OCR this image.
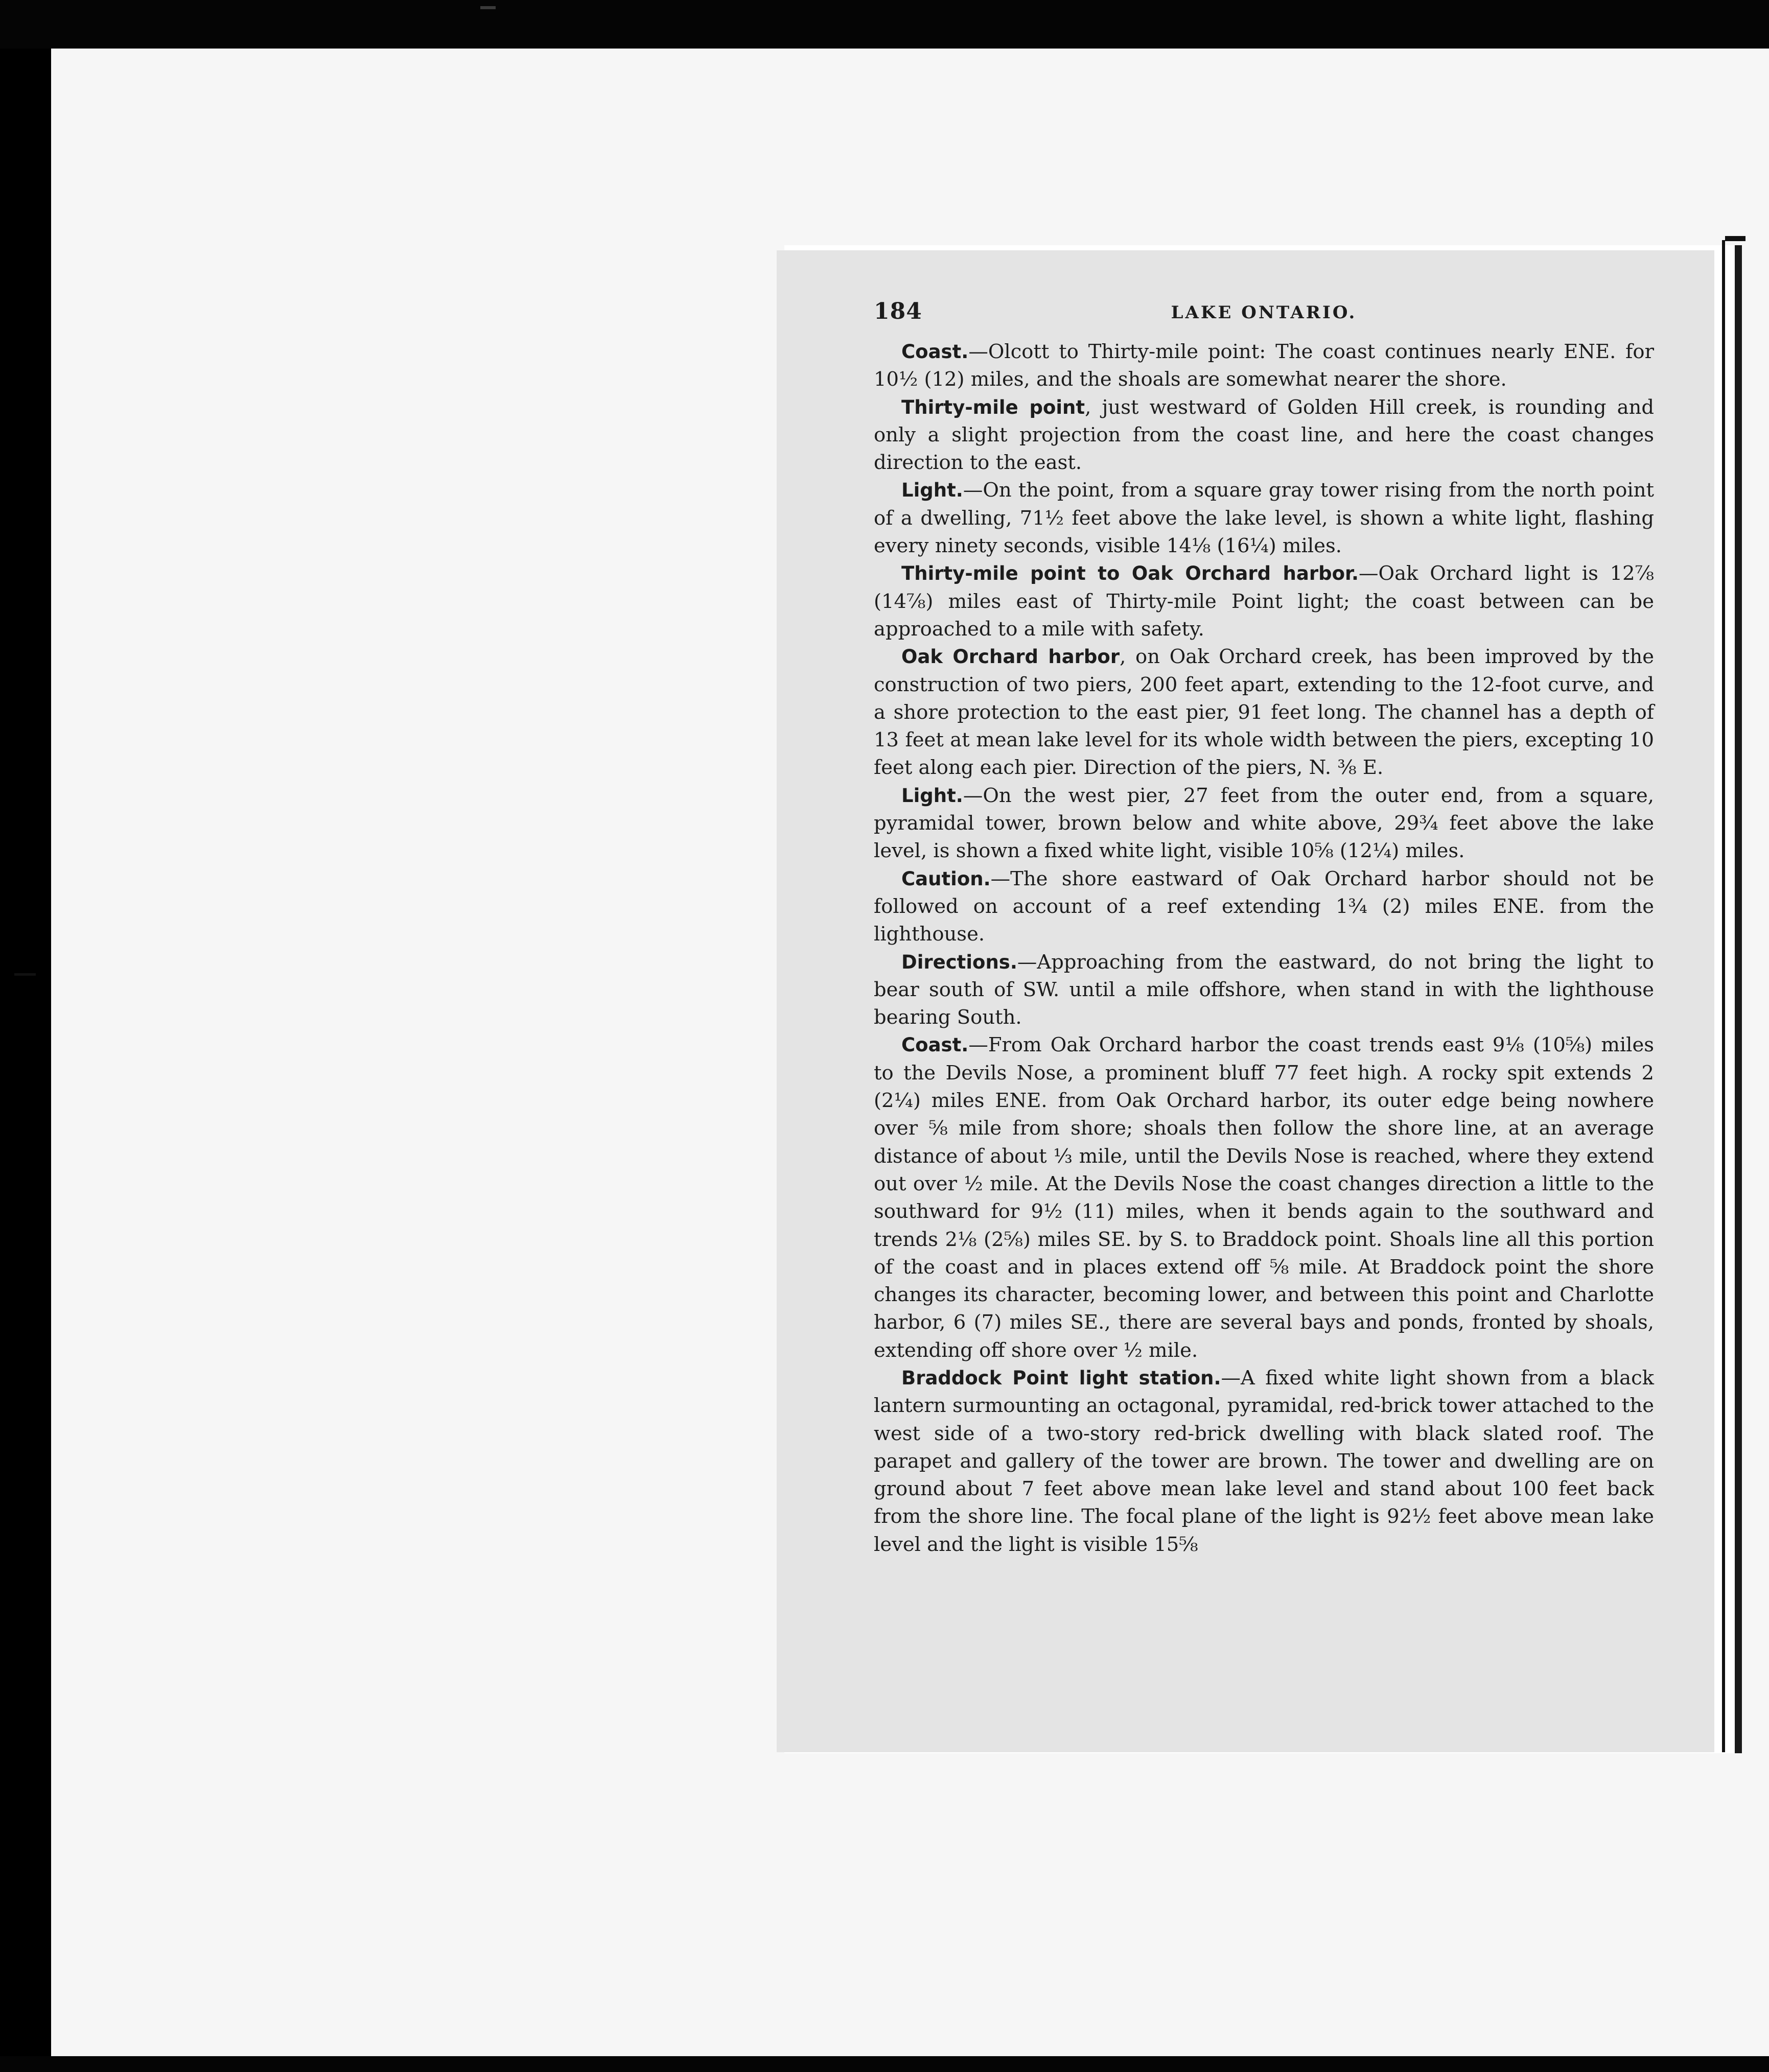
184	LAKE ONTARIO.

Coast.—Olcott to Thirty-mile point: The coast continues nearly ENE. for 10½ (12) miles, and the shoals are somewhat nearer the shore.

Thirty-mile point, just westward of Golden Hill creek, is rounding and only a slight projection from the coast line, and here the coast changes direction to the east.

Light.—On the point, from a square gray tower rising from the north point of a dwelling, 71½ feet above the lake level, is shown a white light, flashing every ninety seconds, visible 14⅛ (16¼) miles.

Thirty-mile point to Oak Orchard harbor.—Oak Orchard light is 12⅞ (14⅞) miles east of Thirty-mile Point light; the coast between can be approached to a mile with safety.

Oak Orchard harbor, on Oak Orchard creek, has been improved by the construction of two piers, 200 feet apart, extending to the 12-foot curve, and a shore protection to the east pier, 91 feet long. The channel has a depth of 13 feet at mean lake level for its whole width between the piers, excepting 10 feet along each pier. Direction of the piers, N. ⅜ E.

Light.—On the west pier, 27 feet from the outer end, from a square, pyramidal tower, brown below and white above, 29¾ feet above the lake level, is shown a fixed white light, visible 10⅝ (12¼) miles.

Caution.—The shore eastward of Oak Orchard harbor should not be followed on account of a reef extending 1¾ (2) miles ENE. from the lighthouse.

Directions.—Approaching from the eastward, do not bring the light to bear south of SW. until a mile offshore, when stand in with the lighthouse bearing South.

Coast.—From Oak Orchard harbor the coast trends east 9⅛ (10⅝) miles to the Devils Nose, a prominent bluff 77 feet high. A rocky spit extends 2 (2¼) miles ENE. from Oak Orchard harbor, its outer edge being nowhere over ⅝ mile from shore; shoals then follow the shore line, at an average distance of about ⅓ mile, until the Devils Nose is reached, where they extend out over ½ mile. At the Devils Nose the coast changes direction a little to the southward for 9½ (11) miles, when it bends again to the southward and trends 2⅛ (2⅝) miles SE. by S. to Braddock point. Shoals line all this portion of the coast and in places extend off ⅝ mile. At Braddock point the shore changes its character, becoming lower, and between this point and Charlotte harbor, 6 (7) miles SE., there are several bays and ponds, fronted by shoals, extending off shore over ½ mile.

Braddock Point light station.—A fixed white light shown from a black lantern surmounting an octagonal, pyramidal, red-brick tower attached to the west side of a two-story red-brick dwelling with black slated roof. The parapet and gallery of the tower are brown. The tower and dwelling are on ground about 7 feet above mean lake level and stand about 100 feet back from the shore line. The focal plane of the light is 92½ feet above mean lake level and the light is visible 15⅝
